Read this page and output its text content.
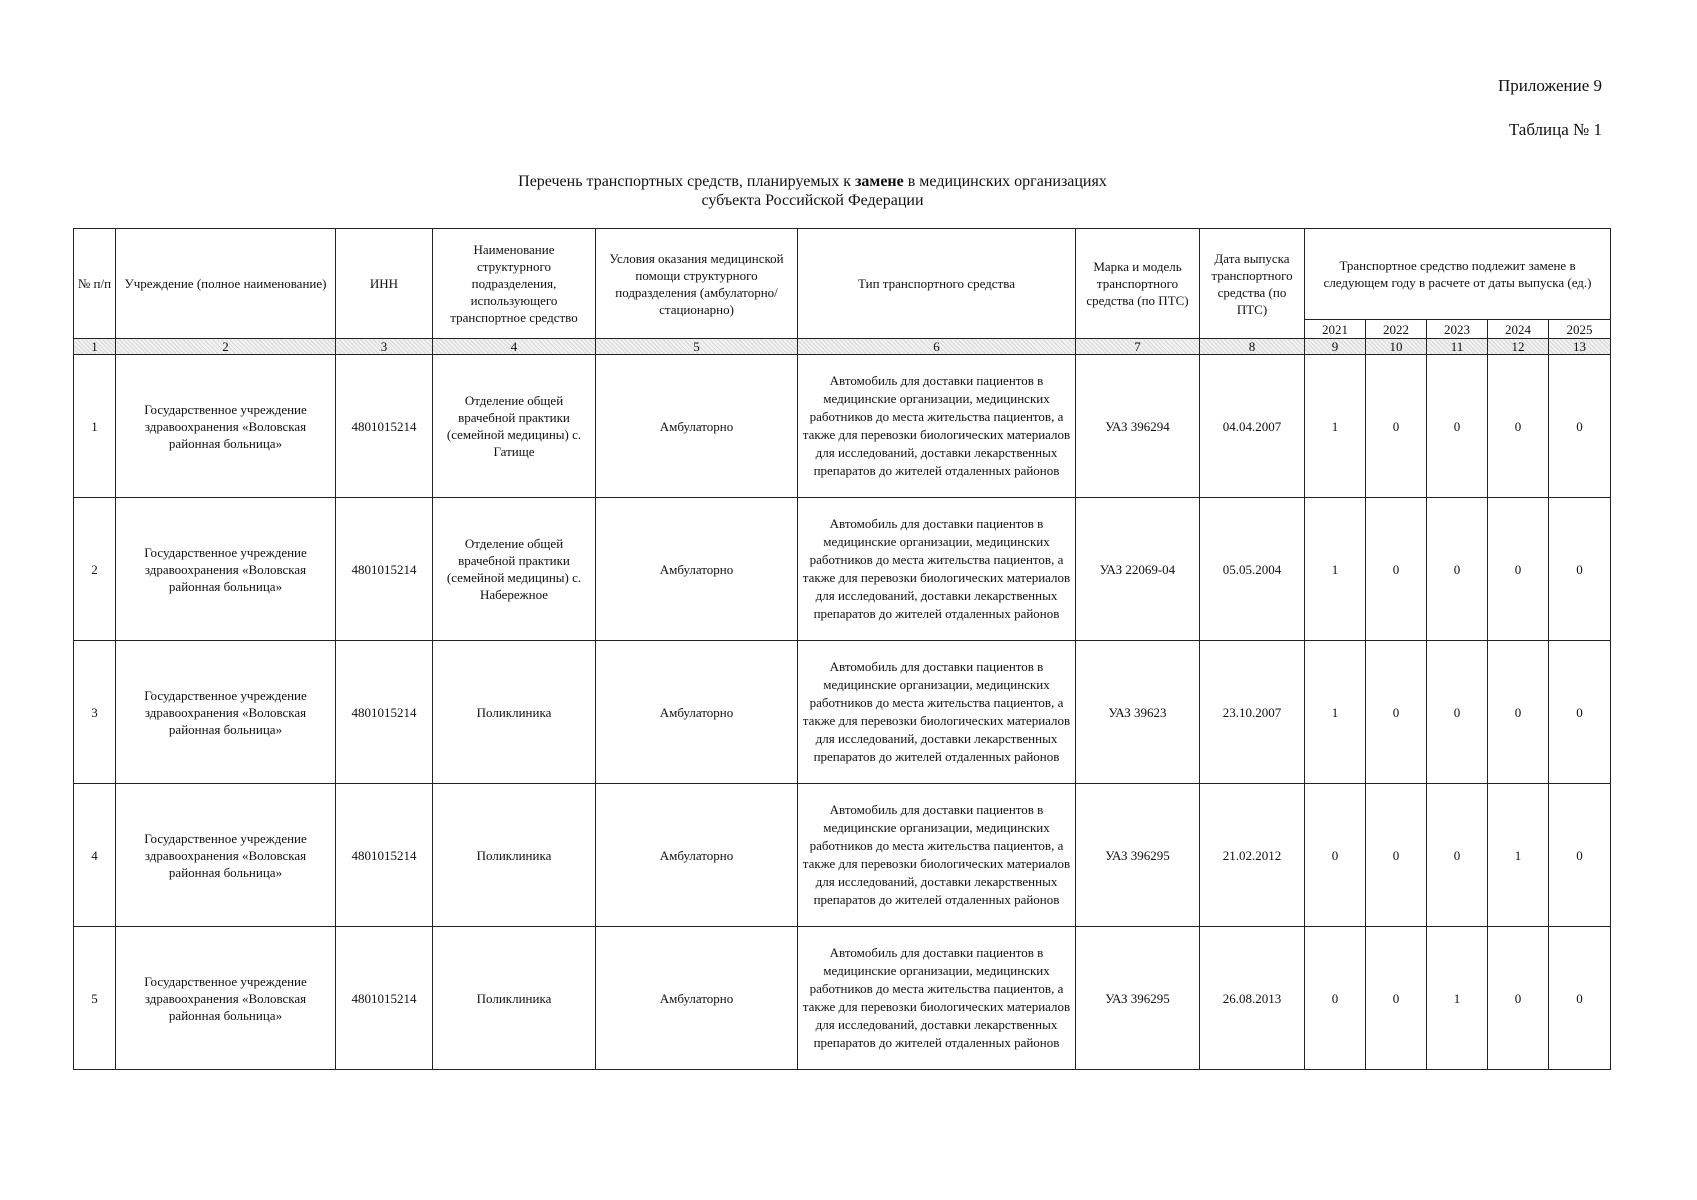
Приложение 9
Таблица № 1
Перечень транспортных средств, планируемых к замене в медицинских организациях
субъекта Российской Федерации
№ п/п	Учреждение (полное наименование)	ИНН	Наименование структурного подразделения, использующего транспортное средство	Условия оказания медицинской помощи структурного подразделения (амбулаторно/стационарно)	Тип транспортного средства	Марка и модель транспортного средства (по ПТС)	Дата выпуска транспортного средства (по ПТС)	Транспортное средство подлежит замене в следующем году в расчете от даты выпуска (ед.)				
								2021	2022	2023	2024	2025
1	2	3	4	5	6	7	8	9	10	11	12	13
1	Государственное учреждение здравоохранения «Воловская районная больница»	4801015214	Отделение общей врачебной практики (семейной медицины) с. Гатище	Амбулаторно	Автомобиль для доставки пациентов в медицинские организации, медицинских работников до места жительства пациентов, а также для перевозки биологических материалов для исследований, доставки лекарственных препаратов до жителей отдаленных районов	УАЗ 396294	04.04.2007	1	0	0	0	0
2	Государственное учреждение здравоохранения «Воловская районная больница»	4801015214	Отделение общей врачебной практики (семейной медицины) с. Набережное	Амбулаторно	Автомобиль для доставки пациентов в медицинские организации, медицинских работников до места жительства пациентов, а также для перевозки биологических материалов для исследований, доставки лекарственных препаратов до жителей отдаленных районов	УАЗ 22069-04	05.05.2004	1	0	0	0	0
3	Государственное учреждение здравоохранения «Воловская районная больница»	4801015214	Поликлиника	Амбулаторно	Автомобиль для доставки пациентов в медицинские организации, медицинских работников до места жительства пациентов, а также для перевозки биологических материалов для исследований, доставки лекарственных препаратов до жителей отдаленных районов	УАЗ 39623	23.10.2007	1	0	0	0	0
4	Государственное учреждение здравоохранения «Воловская районная больница»	4801015214	Поликлиника	Амбулаторно	Автомобиль для доставки пациентов в медицинские организации, медицинских работников до места жительства пациентов, а также для перевозки биологических материалов для исследований, доставки лекарственных препаратов до жителей отдаленных районов	УАЗ 396295	21.02.2012	0	0	0	1	0
5	Государственное учреждение здравоохранения «Воловская районная больница»	4801015214	Поликлиника	Амбулаторно	Автомобиль для доставки пациентов в медицинские организации, медицинских работников до места жительства пациентов, а также для перевозки биологических материалов для исследований, доставки лекарственных препаратов до жителей отдаленных районов	УАЗ 396295	26.08.2013	0	0	1	0	0
